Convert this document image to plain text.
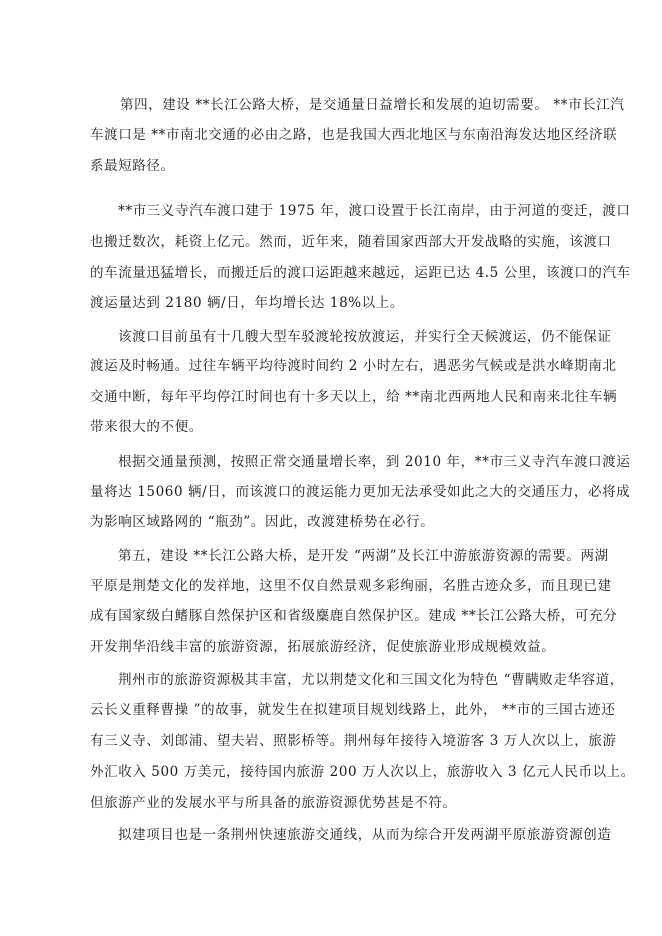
第四，建设 **长江公路大桥，是交通量日益增长和发展的迫切需要。 **市长江汽

车渡口是 **市南北交通的必由之路，也是我国大西北地区与东南沿海发达地区经济联

系最短路径。

**市三义寺汽车渡口建于 1975 年，渡口设置于长江南岸，由于河道的变迁，渡口

也搬迁数次，耗资上亿元。然而，近年来，随着国家西部大开发战略的实施，该渡口

的车流量迅猛增长，而搬迁后的渡口运距越来越远，运距已达 4.5 公里，该渡口的汽车

渡运量达到 2180 辆/日，年均增长达 18%以上。

该渡口目前虽有十几艘大型车驳渡轮按放渡运，并实行全天候渡运，仍不能保证

渡运及时畅通。过往车辆平均待渡时间约 2 小时左右，遇恶劣气候或是洪水峰期南北

交通中断，每年平均停江时间也有十多天以上，给 **南北西两地人民和南来北往车辆

带来很大的不便。

根据交通量预测，按照正常交通量增长率，到 2010 年，**市三义寺汽车渡口渡运

量将达 15060 辆/日，而该渡口的渡运能力更加无法承受如此之大的交通压力，必将成

为影响区域路网的 “瓶劲”。因此，改渡建桥势在必行。

第五，建设 **长江公路大桥，是开发 “两湖”及长江中游旅游资源的需要。两湖

平原是荆楚文化的发祥地，这里不仅自然景观多彩绚丽，名胜古迹众多，而且现已建

成有国家级白鳍豚自然保护区和省级麋鹿自然保护区。建成 **长江公路大桥，可充分

开发荆华沿线丰富的旅游资源，拓展旅游经济，促使旅游业形成规模效益。

荆州市的旅游资源极其丰富，尤以荆楚文化和三国文化为特色 “曹瞒败走华容道，

云长义重释曹操 ”的故事，就发生在拟建项目规划线路上，此外， **市的三国古迹还

有三义寺、刘郎浦、望夫岩、照影桥等。荆州每年接待入境游客 3 万人次以上，旅游

外汇收入 500 万美元，接待国内旅游 200 万人次以上，旅游收入 3 亿元人民币以上。

但旅游产业的发展水平与所具备的旅游资源优势甚是不符。

拟建项目也是一条荆州快速旅游交通线，从而为综合开发两湖平原旅游资源创造
